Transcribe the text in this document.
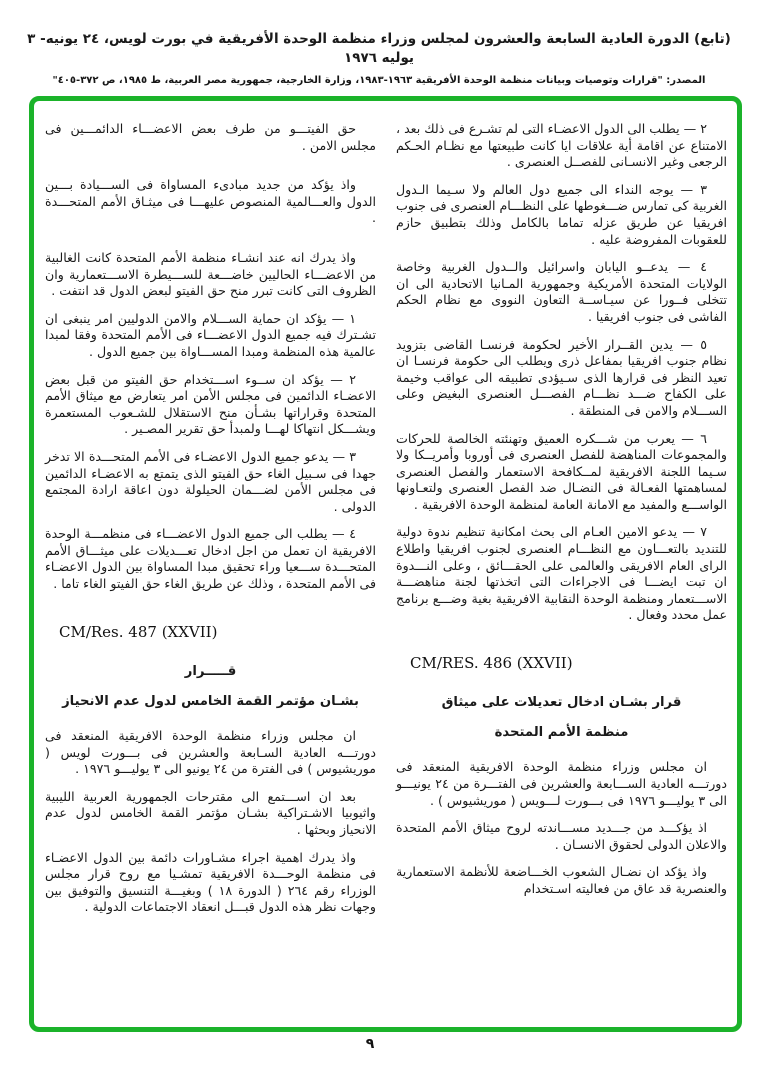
(تابع) الدورة العادية السابعة والعشرون لمجلس وزراء منظمة الوحدة الأفريقية في بورت لويس، ٢٤ يونيه- ٣ يوليه ١٩٧٦
المصدر: "قرارات وتوصيات وبيانات منظمة الوحدة الأفريقية ١٩٦٣-١٩٨٣، وزارة الخارجية، جمهورية مصر العربية، ط ١٩٨٥، ص ٣٧٢-٤٠٥"

٢ — يطلب الى الدول الاعضـاء التى لم تشـرع فى ذلك بعد ، الامتناع عن اقامة أية علاقات ايا كانت طبيعتها مع نظـام الحـكم الرجعى وغير الانسـانى للفصــل العنصرى .

٣ — يوجه النداء الى جميع دول العالم ولا سـيما الـدول الغربية كى تمارس ضـــغوطها على النظـــام العنصرى فى جنوب افريقيا عن طريق عزله تماما بالكامل وذلك بتطبيق حازم للعقوبات المفروضة عليه .

٤ — يدعــو اليابان واسرائيل والــدول الغربية وخاصة الولايات المتحدة الأمريكية وجمهورية المـانيا الاتحادية الى ان تتخلى فــورا عن سيـاســة التعاون النووى مع نظام الحكم الفاشى فى جنوب افريقيا .

٥ — يدين القــرار الأخير لحكومة فرنسـا القاضى بتزويد نظام جنوب افريقيا بمفاعل ذرى ويطلب الى حكومة فرنسـا ان تعيد النظر فى قرارها الذى سـيؤدى تطبيقه الى عواقب وخيمة على الكفاح ضـــد نظـــام الفصـــل العنصرى البغيض وعلى الســـلام والامن فى المنطقة .

٦ — يعرب من شـــكره العميق وتهنئته الخالصة للحركات والمجموعات المناهضة للفصل العنصرى فى أوروبا وأمريــكا ولا سـيما اللجنة الافريقية لمــكافحة الاستعمار والفصل العنصرى لمساهمتها الفعـالة فى النضـال ضد الفصل العنصرى ولتعـاونها الواســـع والمفيد مع الامانة العامة لمنظمة الوحدة الافريقية .

٧ — يدعو الامين العـام الى بحث امكانية تنظيم ندوة دولية للتنديد بالتعـــاون مع النظـــام العنصرى لجنوب افريقيا واطلاع الراى العام الافريقى والعالمى على الحقـــائق ، وعلى النـــدوة ان تبت ايضـــا فى الاجراءات التى اتخذتها لجنة مناهضـــة الاســـتعمار ومنظمة الوحدة النقابية الافريقية بغية وضـــع برنامج عمل محدد وفعال .

CM/RES. 486 (XXVII)
قرار بشـان ادخال تعديلات على ميثاق
منظمة الأمم المتحدة

ان مجلس وزراء منظمة الوحدة الافريقية المنعقد فى دورتـــه العادية الســـابعة والعشرين فى الفتـــرة من ٢٤ يونيـــو الى ٣ يوليـــو ١٩٧٦ فى بـــورت لـــويس ( موريشيوس ) .

اذ يؤكـــد من جـــديد مســـاندته لروح ميثاق الأمم المتحدة والاعلان الدولى لحقوق الانسـان .

واذ يؤكد ان نضـال الشعوب الخـــاضعة للأنظمة الاستعمارية والعنصرية قد عاق من فعاليته اسـتخدام

حق الفيتـــو من طرف بعض الاعضـــاء الدائمـــين فى مجلس الامن .

واذ يؤكد من جديد مبادىء المساواة فى الســـيادة بـــين الدول والعـــالمية المنصوص عليهـــا فى ميثـاق الأمم المتحـــدة .

واذ يدرك انه عند انشـاء منظمة الأمم المتحدة كانت الغالبية من الاعضـــاء الحاليين خاضـــعة للســـيطرة الاســـتعمارية وان الظروف التى كانت تبرر منح حق الفيتو لبعض الدول قد انتفت .

١ — يؤكد ان حماية الســـلام والامن الدوليين امر ينبغى ان تشـترك فيه جميع الدول الاعضـــاء فى الأمم المتحدة وفقا لمبدا عالمية هذه المنظمة ومبدا المســـاواة بين جميع الدول .

٢ — يؤكد ان ســوء اســـتخدام حق الفيتو من قبل بعض الاعضـاء الدائمين فى مجلس الأمن امر يتعارض مع ميثاق الأمم المتحدة وقراراتها بشـأن منح الاستقلال للشـعوب المستعمرة ويشـــكل انتهاكا لهـــا ولمبدأ حق تقرير المصـير .

٣ — يدعو جميع الدول الاعضـاء فى الأمم المتحـــدة الا تدخر جهدا فى سـبيل الغاء حق الفيتو الذى يتمتع به الاعضـاء الدائمين فى مجلس الأمن لضـــمان الحيلولة دون اعاقة ارادة المجتمع الدولى .

٤ — يطلب الى جميع الدول الاعضـــاء فى منظمـــة الوحدة الافريقية ان تعمل من اجل ادخال تعـــديلات على ميثـــاق الأمم المتحـــدة ســـعيا وراء تحقيق مبدا المساواة بين الدول الاعضـاء فى الأمم المتحدة ، وذلك عن طريق الغاء حق الفيتو الغاء تاما .

CM/Res. 487 (XXVII)
قـــــرار
بشـان مؤتمر القمة الخامس لدول عدم الانحياز

ان مجلس وزراء منظمة الوحدة الافريقية المنعقد فى دورتـــه العادية السـابعة والعشرين فى بـــورت لويس ( موريشيوس ) فى الفترة من ٢٤ يونيو الى ٣ يوليـــو ١٩٧٦ .

بعد ان اســـتمع الى مقترحات الجمهورية العربية الليبية واثيوبيا الاشـتراكية بشـان مؤتمر القمة الخامس لدول عدم الانحياز وبحثها .

واذ يدرك اهمية اجراء مشـاورات دائمة بين الدول الاعضـاء فى منظمة الوحـــدة الافريقية تمشـيا مع روح قرار مجلس الوزراء رقم ٢٦٤ ( الدورة ١٨ ) وبغيـــة التنسيق والتوفيق بين وجهات نظر هذه الدول قبـــل انعقاد الاجتماعات الدولية .

٩
